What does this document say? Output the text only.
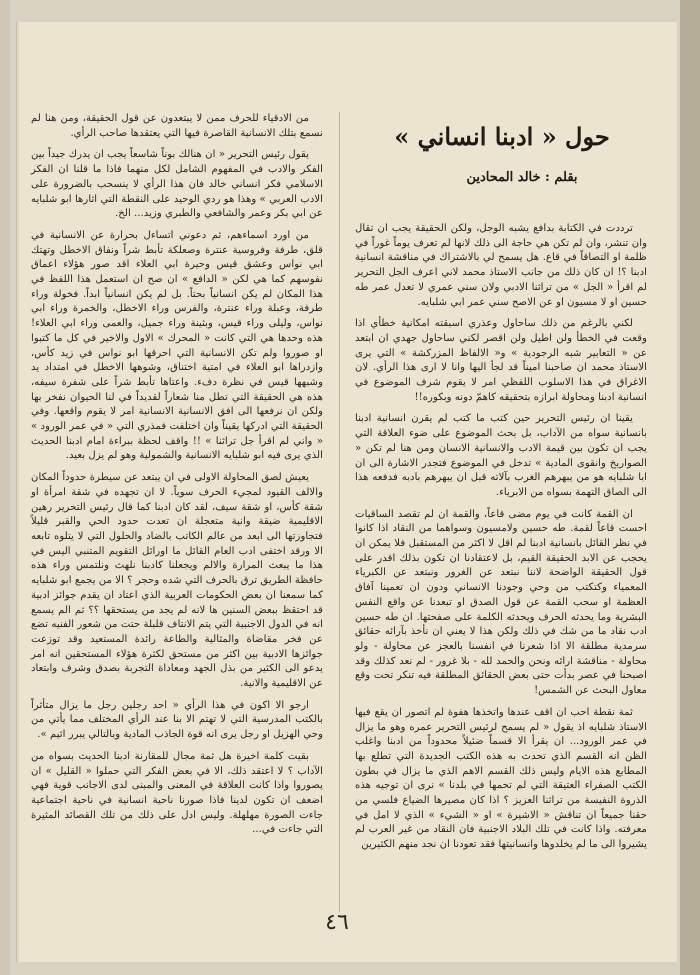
حول « ادبنا انساني »
بقلم : خالد المحادين

ترددت في الكتابة بدافع يشبه الوجل، ولكن الحقيقة يجب ان تقال وان تنشر، وان لم تكن هي حاجة الى ذلك لانها لم تعرف يوماً غوراً في ظلمة او التصاقاً في قاع. هل يسمح لي بالاشتراك في مناقشة انسانية ادبنا ؟! ان كان ذلك من جانب الاستاذ محمد لاني اعرف الجل التحرير لم اقرأ « الجل » من تراثنا الادبي ولان سني عمري لا تعدل عمر طه حسين او لا مسيون او عن الاصح سني عمر ابي شلبايه.

لكني بالرغم من ذلك ساحاول وعذري اسبقته امكانية خطأي اذا وقعت في الخطأ ولن اطيل ولن اقصر لكني ساحاول جهدي ان ابتعد عن « التعابير شبه الرجودية » و« الالفاظ المزركشة » التي يرى الاستاذ محمد ان صاحبنا اميناً قد لجأ اليها وانا لا ارى هذا الرأي. لان الاغراق في هذا الاسلوب اللفظي امر لا يقوم شرف الموضوع في انسانية ادبنا ومحاولة ابرازه بتحقيقه كاهمّ دونه وبكوره!!

يقينا ان رئيس التحرير حين كتب ما كتب لم يقرن انسانية ادبنا بانسانية سواه من الآداب، بل بحث الموضوع على ضوء العلاقة التي يجب ان تكون بين قيمة الادب والانسانية الانسان ومن هنا لم تكن « الصواريخ وانقوى المادية » تدخل في الموضوع فتجدر الاشارة الى ان ابا شلبايه هو من يبهرهم الغرب بآلاته قبل ان يبهرهم بادبه فدفعه هذا الى الصاق التهمة بسواه من الابرياء.

ان القمة كانت في يوم مضى قاعاً، والقمة ان لم تقصد الساقيات احست قاعاً لقمة. طه حسين ولامسيون وسواهما من النقاد اذا كانوا في نظر القائل بانسانية ادبنا لم اقل لا اكثر من المستقبل فلا يمكن ان يحجب عن الابد الحقيقة القيم، بل لاعتقادنا ان تكون بذلك اقدر على قول الحقيقة الواضحة لاننا نبتعد عن الغرور ونبتعد عن الكبرياء المعمياء وكتكتب من وحي وجودنا الانساني ودون ان تعمينا آفاق العظمة او سحب القمة عن قول الصدق او تبعدنا عن واقع النفس البشرية وما يحدثه الحرف ويحدثه الكلمة على صفحتها. ان طه حسين ادب نقاد ما من شك في ذلك ولكن هذا لا يعني ان نأخذ بآرائه حقائق سرمدية مطلقة الا اذا شعرنا في انفسنا بالعجز عن محاولة - ولو محاولة - مناقشة ارائه ونحن والحمد لله - بلا غرور - لم نعد كذلك وقد اصبحنا في عصر بدأت حتى بعض الحقائق المطلقة فيه تنكر تحت وقع معاول البحث عن الشمس!

ثمة نقطة احب ان اقف عندها واتخذها هفوة لم اتصور ان يقع فيها الاستاذ شلبايه اذ يقول « لم يسمح لرئيس التحرير عمره وهو ما يزال في عمر الورود... ان يقرأ الا قسماً ضئيلاً محدوداً من ادبنا واغلب الظن انه القسم الذي تحدث به هذه الكتب الجديدة التي تطلع بها المطابع هذه الايام وليس ذلك القسم الاهم الذي ما يزال في بطون الكتب الصفراء العتيقة التي لم تحمها في بلدنا » نرى ان توجيه هذه الذروة النفيسة من تراثنا العزيز ؟ اذا كان مصيرها الضياع فلسي من حقنا جميعاً ان تناقش « الاشيرة » او « الشيء » الذي لا امل في معرفته. واذا كانت في تلك البلاد الاجنبية فان النقاد من غير العرب لم يشيروا الى ما لم يخلدوها وانسانيتها فقد تعودنا ان نجد منهم الكثيرين

من الادقياء للحرف ممن لا يبتعدون عن قول الحقيقة، ومن هنا لم نسمع بتلك الانسانية القاصرة فيها التي يعتقدها صاحب الرأي.

يقول رئيس التحرير « ان هنالك بوناً شاسعاً يجب ان يدرك جيداً بين الفكر والادب في المفهوم الشامل لكل منهما فاذا ما قلنا ان الفكر الاسلامي فكر انساني خالد فان هذا الرأي لا ينسحب بالضرورة على الادب العربي » وهذا هو ردي الوحيد على النقطة التي اثارها ابو شلبايه عن ابي بكر وعمر والشافعي والطبري وزيد... الخ.

من اورد اسماءهم، ثم دعوني اتساءل بحرارة عن الانسانية في قلق، طرفة وفروسية عنترة وصعلكة تأبط شراً ونفاق الاخطل وتهتك ابي نواس وعشق قيس وحيرة ابي العلاء اقد صور هؤلاء اعماق نفوسهم كما هي لكن « الدافع » ان صح ان استعمل هذا اللفظ في هذا المكان لم يكن انسانياً بحتاً. بل لم يكن انسانياً ابداً. فخولة وراء طرفة، وعبلة وراء عنترة، والفرس وراء الاخطل، والخمرة وراء ابي نواس، وليلى وراء قيس، وبثينة وراء جميل، والعمى وراء ابي العلاء! هذه وحدها هي التي كانت « المحرك » الاول والاخير في كل ما كتبوا او صوروا ولم تكن الانسانية التي احرقها ابو نواس في زيد كأس، وازدراها ابو العلاء في امتية اختناق، وشوهها الاخطل في امتداد يد وشبهها قيس في نظرة دفء. واعتاها تأبط شراً على شفرة سيفه، هذه هي الحقيقة التي تطل منا شعاراً لقديداً في لنا الحيوان نفخر بها ولكن ان نرفعها الى افق الانسانية الانسانية امر لا يقوم واقعها. وفي الحقيقة التي ادركها يقيناً وان اختلفت فمذري التي « في عمر الورود » « واني لم اقرأ جل تراثنا » !! واقف لحظة ببراءة امام ادبنا الحديث الذي يرى فيه ابو شلبايه الانسانية والشمولية وهو لم يزل بعيد.

يعيش لصق المحاولة الاولى في ان يبتعد عن سيطرة حدوداً المكان والالف القيود لمجيء الحرف سوياً. لا ان تجهده في شقة امرأة او شقة كأس، او شقة سيف، لقد كان ادبنا كما قال رئيس التحرير رهين الاقليمية ضيقة وانية متعجلة ان تعدت حدود الحي والقبر قليلاً فتجاوزتها الى ابعد من عالم الكاتب بالضاد والحلول التي لا يتلوه تابعه الا ورقد اختفى ادب العام القائل ما اورائل التقويم المتنبي اليس في هذا ما يبعث المرارة والالم ويجعلنا كادبنا نلهث ونلتمس وراء هذه حافظة الطريق ترق بالحرف التي شده وحجر ؟ الا من يجمع ابو شلبايه كما سمعنا ان بعض الحكومات العربية الذي اعتاد ان يقدم جوائز ادبية قد احتقظ ببعض السنين ها لانه لم يجد من يستحقها ؟؟ ثم الم يسمع انه في الدول الاجنبية التي يتم الانتاف قلبلة حتت من شعور الفنيه تضع عن فخر مقاضاة والمثالية والطاعة رائدة المستعيد وقد توزعت جوائزها الادبية بين اكثر من مستحق لكثرة هؤلاء المستحقين انه امر يدعو الى الكثير من بذل الجهد ومعاداة التجربة بصدق وشرف وابتعاد عن الاقليمية والانية.

ارجو الا اكون في هذا الرأي « احد رجلين رجل ما يزال متأثراً بالكتب المدرسية التي لا تهتم الا بنا عند الرأي المختلف مما يأتي من وحي الهزيل او رجل يرى انه قوة الجاذب المادية وبالتالي يبرر اثيم ».

بقيت كلمة اخيرة هل ثمة مجال للمقارنة ادبنا الحديث بسواه من الآداب ؟ لا اعتقد ذلك، الا في بعض الفكر التي حملوا « القليل » ان يصوروا واذا كانت العلاقة في المعنى والمبنى لدى الاجانب قوية فهي اضعف ان تكون لدينا فاذا صورنا ناحية انسانية في ناحية اجتماعية جاءت الصورة مهلهلة. وليس ادل على ذلك من تلك القصائد المثيرة التي جاءت في...

٤٦
